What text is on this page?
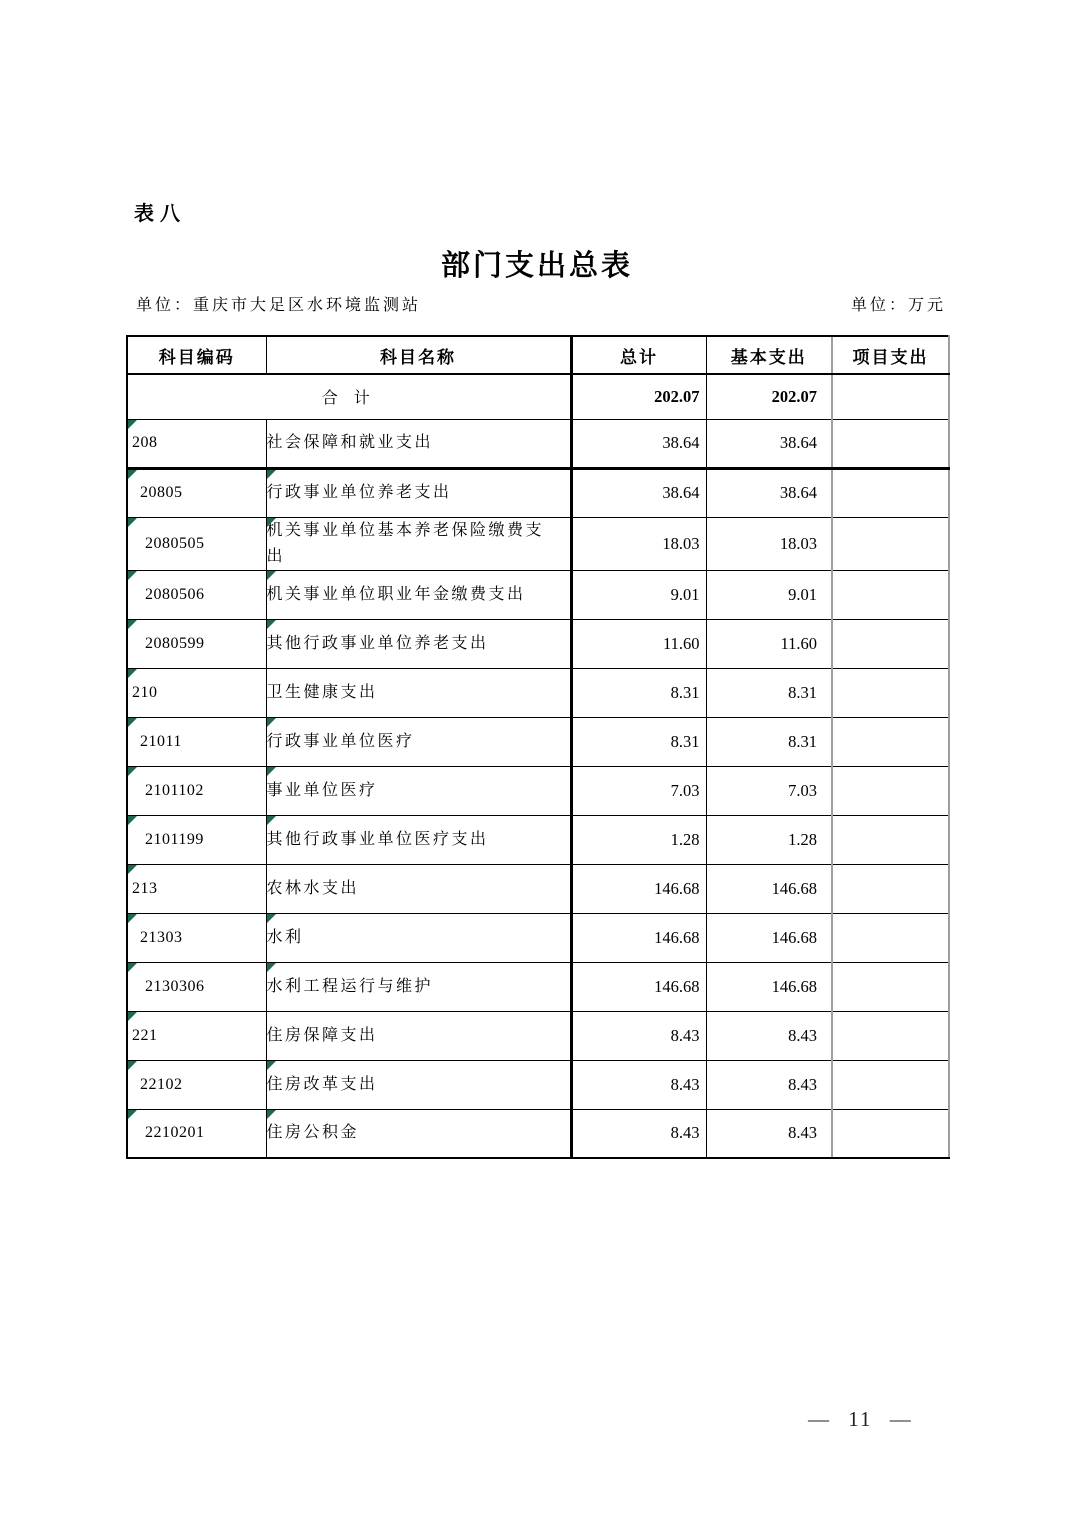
表八
部门支出总表
单位：重庆市大足区水环境监测站	单位：万元
科目编码	科目名称	总计	基本支出	项目支出
合 计		202.07	202.07	
208	社会保障和就业支出	38.64	38.64	
20805	行政事业单位养老支出	38.64	38.64	
2080505	机关事业单位基本养老保险缴费支出	18.03	18.03	
2080506	机关事业单位职业年金缴费支出	9.01	9.01	
2080599	其他行政事业单位养老支出	11.60	11.60	
210	卫生健康支出	8.31	8.31	
21011	行政事业单位医疗	8.31	8.31	
2101102	事业单位医疗	7.03	7.03	
2101199	其他行政事业单位医疗支出	1.28	1.28	
213	农林水支出	146.68	146.68	
21303	水利	146.68	146.68	
2130306	水利工程运行与维护	146.68	146.68	
221	住房保障支出	8.43	8.43	
22102	住房改革支出	8.43	8.43	
2210201	住房公积金	8.43	8.43	
— 11 —
